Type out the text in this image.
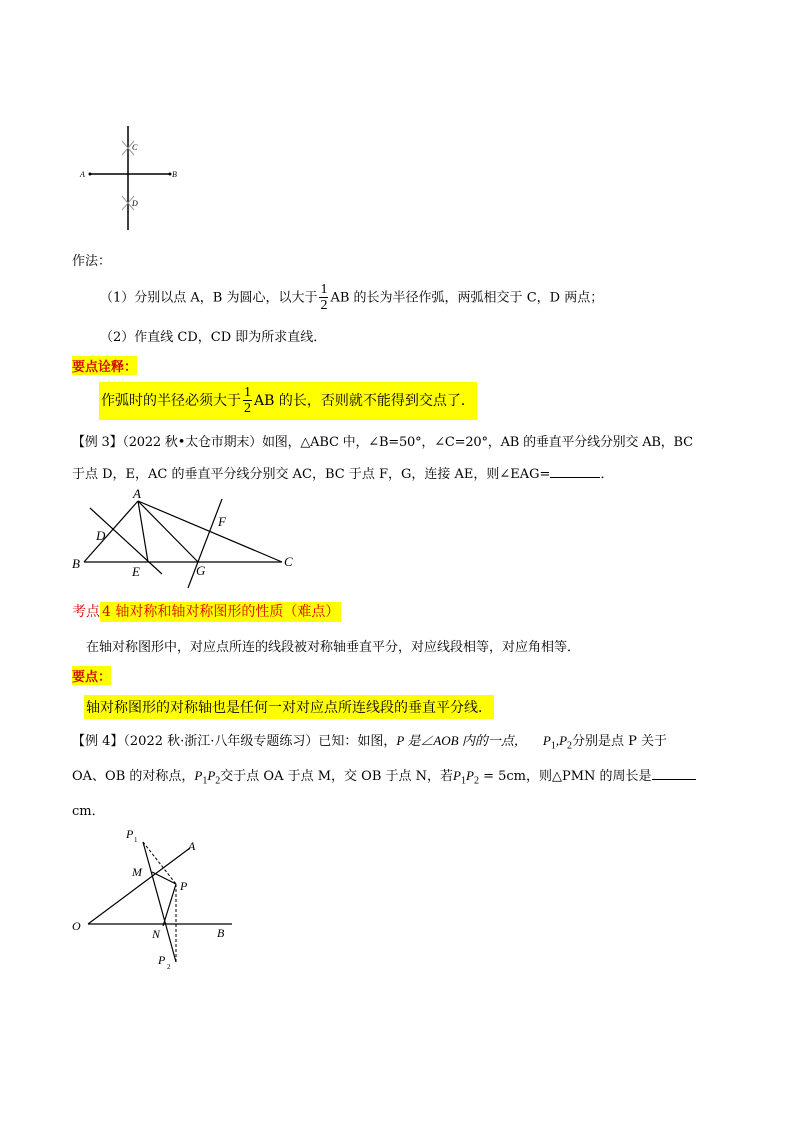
A	B
C
D
作法：
（1）分别以点 A，B 为圆心，以大于 $\frac{1}{2}$ AB 的长为半径作弧，两弧相交于 C，D 两点；
（2）作直线 CD，CD 即为所求直线．
要点诠释：
作弧时的半径必须大于 $\frac{1}{2}$ AB 的长，否则就不能得到交点了．
【例 3】（2022 秋•太仓市期末）如图，△ABC 中，∠B=50°，∠C=20°，AB 的垂直平分线分别交 AB，BC
于点 D，E，AC 的垂直平分线分别交 AC，BC 于点 F，G，连接 AE，则∠EAG=	．
A
B	C
D
E
F
G
考点 4 轴对称和轴对称图形的性质（难点）
在轴对称图形中，对应点所连的线段被对称轴垂直平分，对应线段相等，对应角相等．
要点：
轴对称图形的对称轴也是任何一对对应点所连线段的垂直平分线．
【例 4】（2022 秋·浙江·八年级专题练习）已知：如图，P 是∠AOB 内的一点， $P_1,P_2$分别是点 P 关于
OA、OB 的对称点，$P_1P_2$交于点 OA 于点 M，交 OB 于点 N，若$P_1P_2 = 5cm$，则△PMN 的周长是
cm．
P 1	A
M
P
O
N	B
P 2
